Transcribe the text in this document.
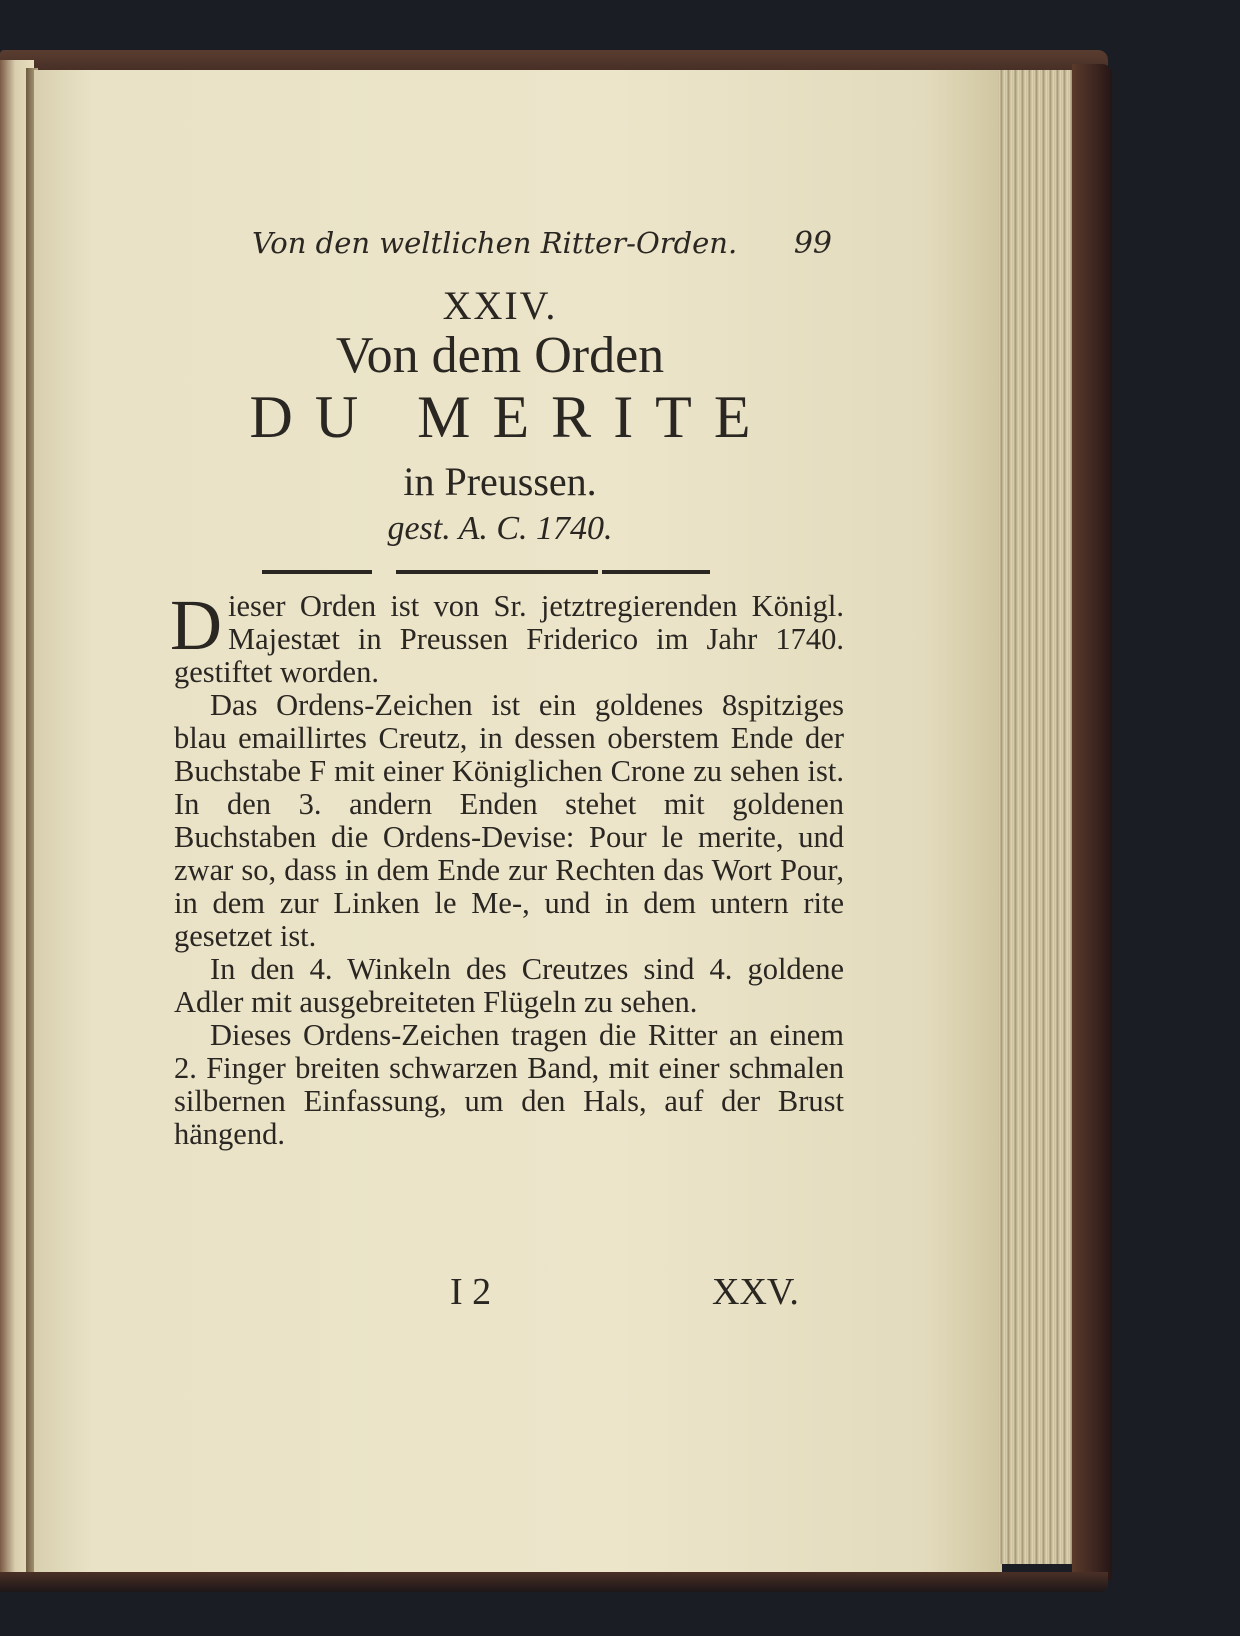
Von den weltlichen Ritter-Orden. 99
XXIV.
Von dem Orden
DU MERITE
in Preussen.
gest. A. C. 1740.

Dieser Orden ist von Sr. jetztregierenden Königl. Majestæt in Preussen Friderico im Jahr 1740. gestiftet worden.

Das Ordens-Zeichen ist ein goldenes 8spitziges blau emaillirtes Creutz, in dessen oberstem Ende der Buchstabe F mit einer Königlichen Crone zu sehen ist. In den 3. andern Enden stehet mit goldenen Buchstaben die Ordens-Devise: Pour le merite, und zwar so, dass in dem Ende zur Rechten das Wort Pour, in dem zur Linken le Me-, und in dem untern rite gesetzet ist.

In den 4. Winkeln des Creutzes sind 4. goldene Adler mit ausgebreiteten Flügeln zu sehen.

Dieses Ordens-Zeichen tragen die Ritter an einem 2. Finger breiten schwarzen Band, mit einer schmalen silbernen Einfassung, um den Hals, auf der Brust hängend.

I 2	XXV.
